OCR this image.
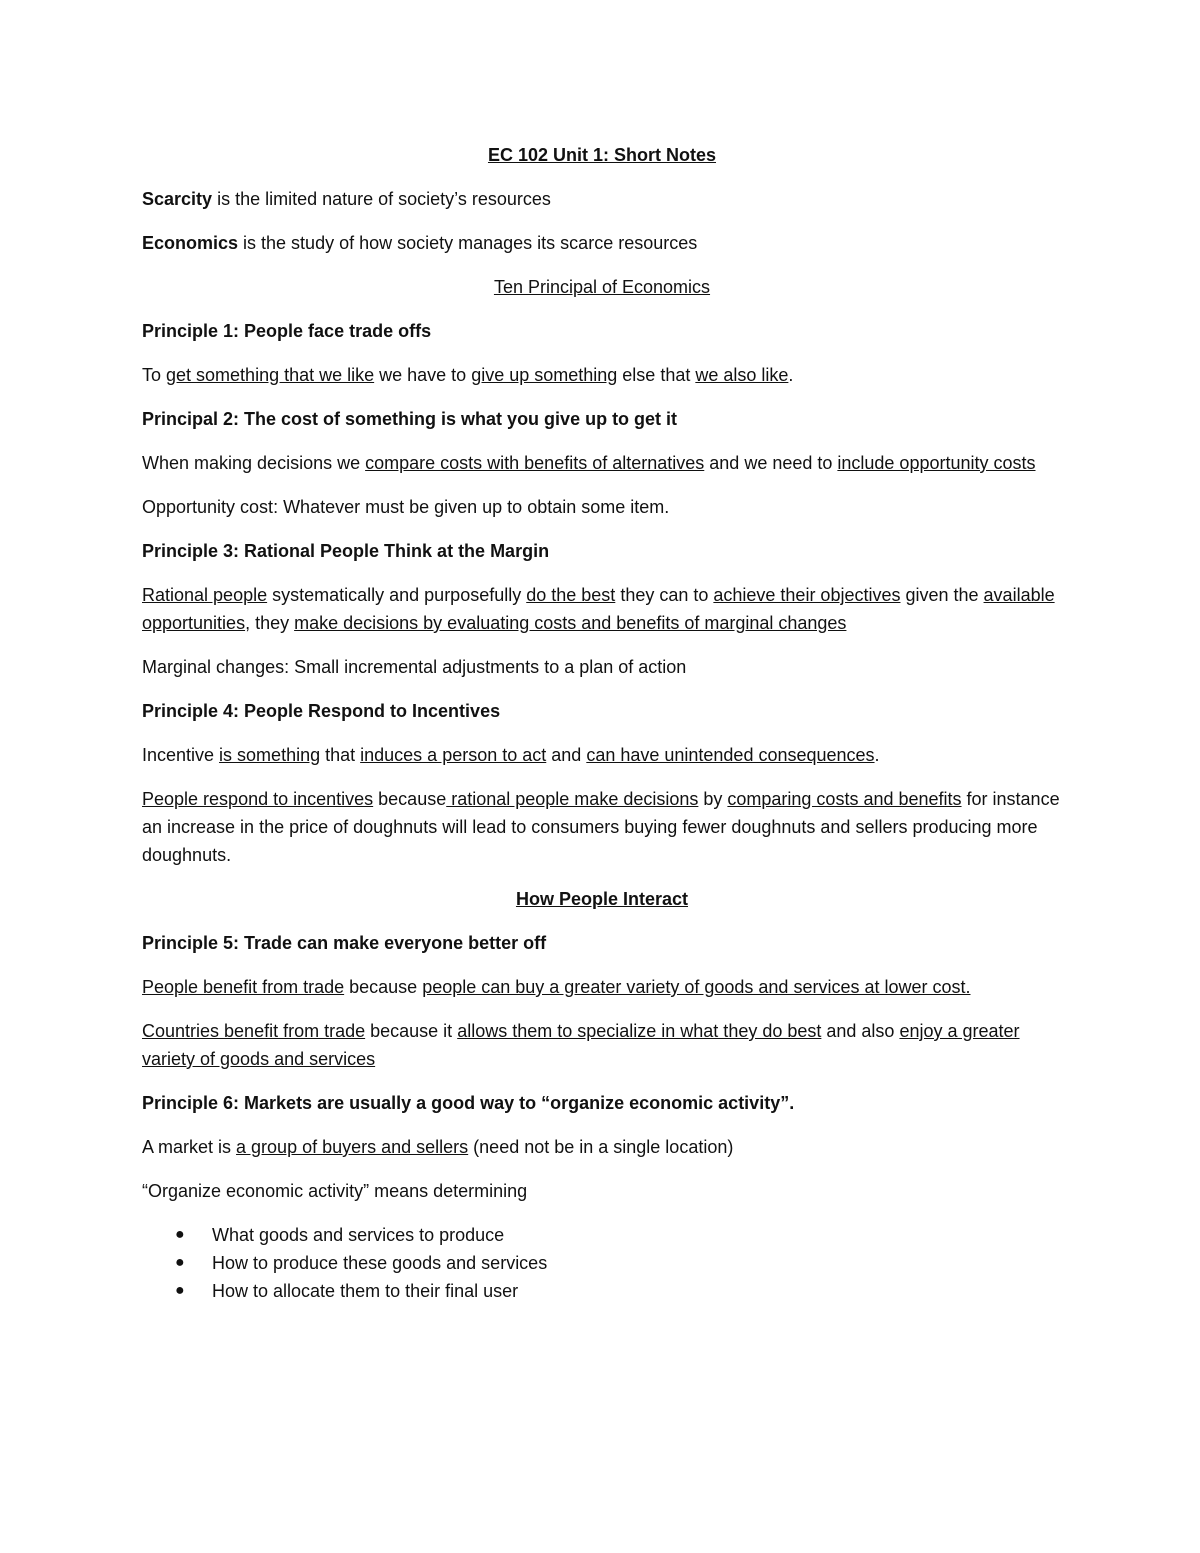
EC 102 Unit 1: Short Notes

Scarcity is the limited nature of society’s resources

Economics is the study of how society manages its scarce resources

Ten Principal of Economics

Principle 1: People face trade offs

To get something that we like we have to give up something else that we also like.

Principal 2: The cost of something is what you give up to get it

When making decisions we compare costs with benefits of alternatives and we need to include opportunity costs

Opportunity cost: Whatever must be given up to obtain some item.

Principle 3: Rational People Think at the Margin

Rational people systematically and purposefully do the best they can to achieve their objectives given the available opportunities, they make decisions by evaluating costs and benefits of marginal changes

Marginal changes: Small incremental adjustments to a plan of action

Principle 4: People Respond to Incentives

Incentive is something that induces a person to act and can have unintended consequences.

People respond to incentives because rational people make decisions by comparing costs and benefits for instance an increase in the price of doughnuts will lead to consumers buying fewer doughnuts and sellers producing more doughnuts.

How People Interact

Principle 5: Trade can make everyone better off

People benefit from trade because people can buy a greater variety of goods and services at lower cost.

Countries benefit from trade because it allows them to specialize in what they do best and also enjoy a greater variety of goods and services

Principle 6: Markets are usually a good way to “organize economic activity”.

A market is a group of buyers and sellers (need not be in a single location)

“Organize economic activity” means determining

● What goods and services to produce
● How to produce these goods and services
● How to allocate them to their final user
